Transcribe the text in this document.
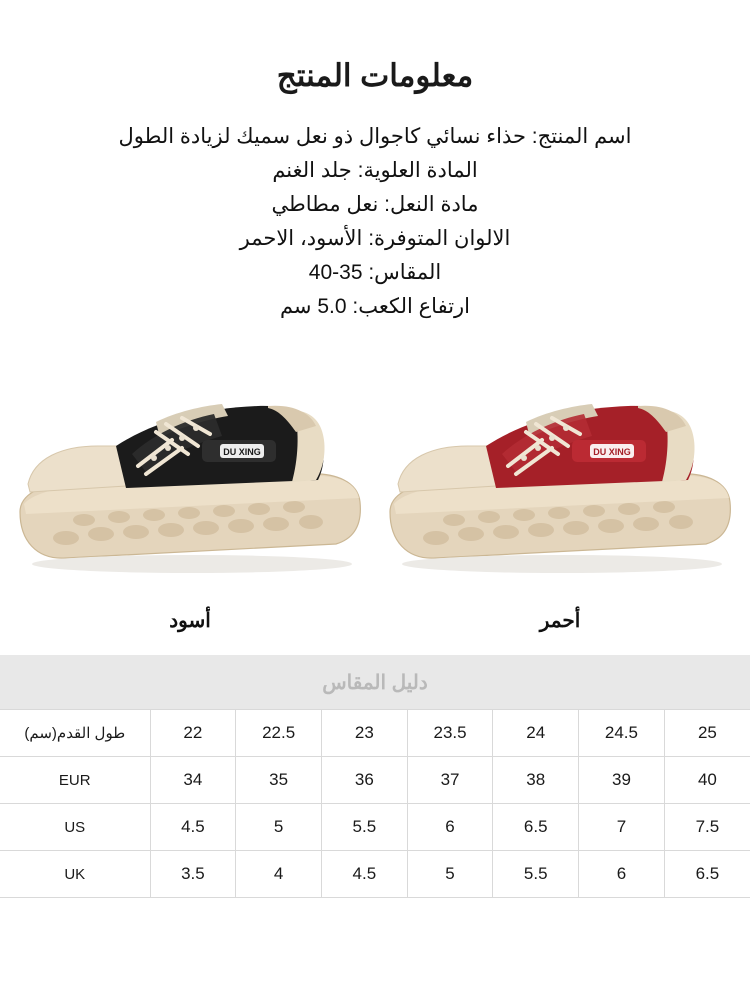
معلومات المنتج
اسم المنتج: حذاء نسائي كاجوال ذو نعل سميك لزيادة الطول
المادة العلوية: جلد الغنم
مادة النعل: نعل مطاطي
الالوان المتوفرة: الأسود، الاحمر
المقاس: 35-40
ارتفاع الكعب: 5.0 سم
DU XING
أحمر
DU XING
أسود
دليل المقاس
25	24.5	24	23.5	23	22.5	22	طول القدم(سم)
40	39	38	37	36	35	34	EUR
7.5	7	6.5	6	5.5	5	4.5	US
6.5	6	5.5	5	4.5	4	3.5	UK
